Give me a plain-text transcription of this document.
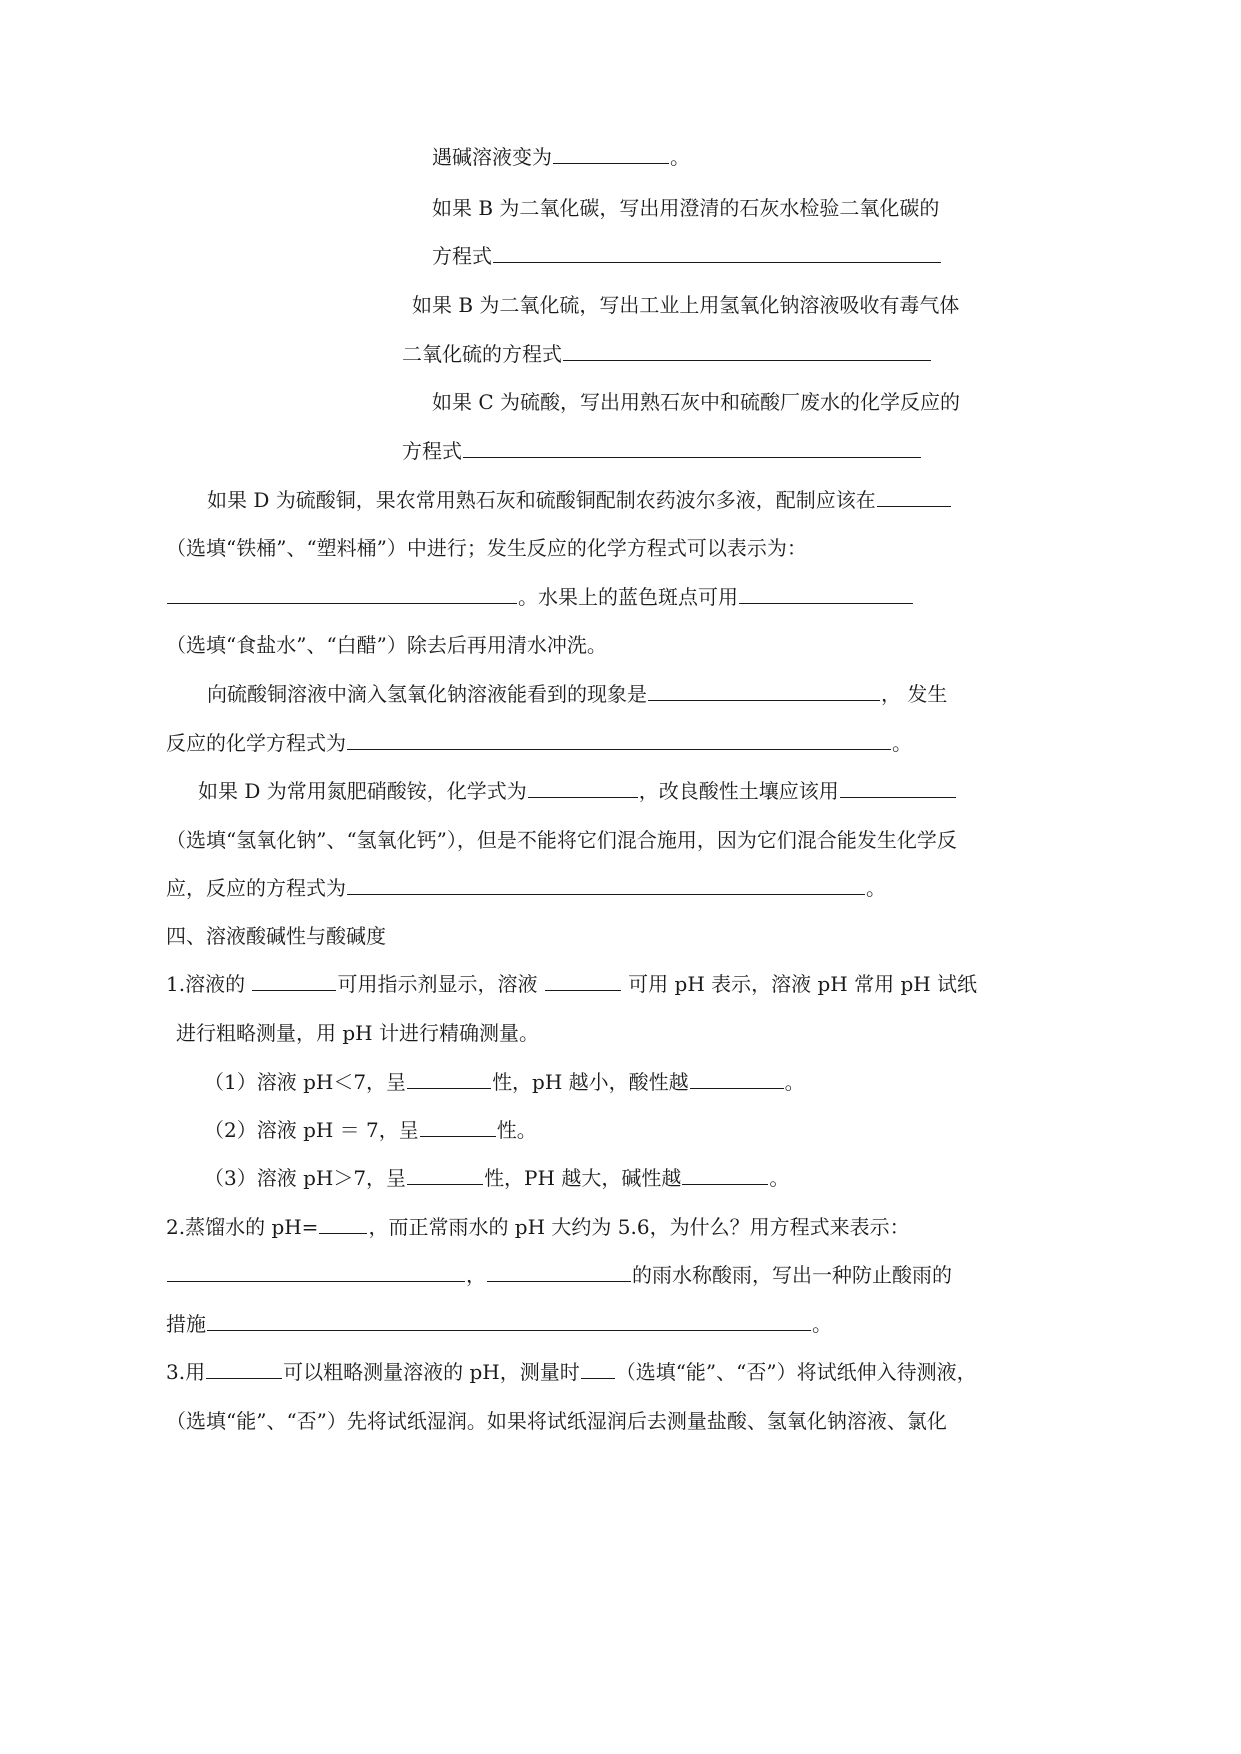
遇碱溶液变为	。
如果 B 为二氧化碳，写出用澄清的石灰水检验二氧化碳的
方程式
如果 B 为二氧化硫，写出工业上用氢氧化钠溶液吸收有毒气体
二氧化硫的方程式
如果 C 为硫酸，写出用熟石灰中和硫酸厂废水的化学反应的
方程式
如果 D 为硫酸铜，果农常用熟石灰和硫酸铜配制农药波尔多液，配制应该在
（选填“铁桶”、“塑料桶”）中进行；发生反应的化学方程式可以表示为：
。水果上的蓝色斑点可用
（选填“食盐水”、“白醋”）除去后再用清水冲洗。
向硫酸铜溶液中滴入氢氧化钠溶液能看到的现象是	， 发生
反应的化学方程式为	。
如果 D 为常用氮肥硝酸铵，化学式为	，改良酸性土壤应该用
（选填“氢氧化钠”、“氢氧化钙”），但是不能将它们混合施用，因为它们混合能发生化学反
应，反应的方程式为	。
四、溶液酸碱性与酸碱度
1.溶液的	可用指示剂显示，溶液	可用 pH 表示，溶液 pH 常用 pH 试纸
进行粗略测量，用 pH 计进行精确测量。
（1）溶液 pH＜7，呈	性，pH 越小，酸性越	。
（2）溶液 pH ＝ 7，呈	性。
（3）溶液 pH＞7，呈	性，PH 越大，碱性越	。
2.蒸馏水的 pH=	，而正常雨水的 pH 大约为 5.6，为什么？用方程式来表示：
，	的雨水称酸雨，写出一种防止酸雨的
措施	。
3.用	可以粗略测量溶液的 pH，测量时 （选填“能”、“否”）将试纸伸入待测液，
（选填“能”、“否”）先将试纸湿润。如果将试纸湿润后去测量盐酸、氢氧化钠溶液、氯化
